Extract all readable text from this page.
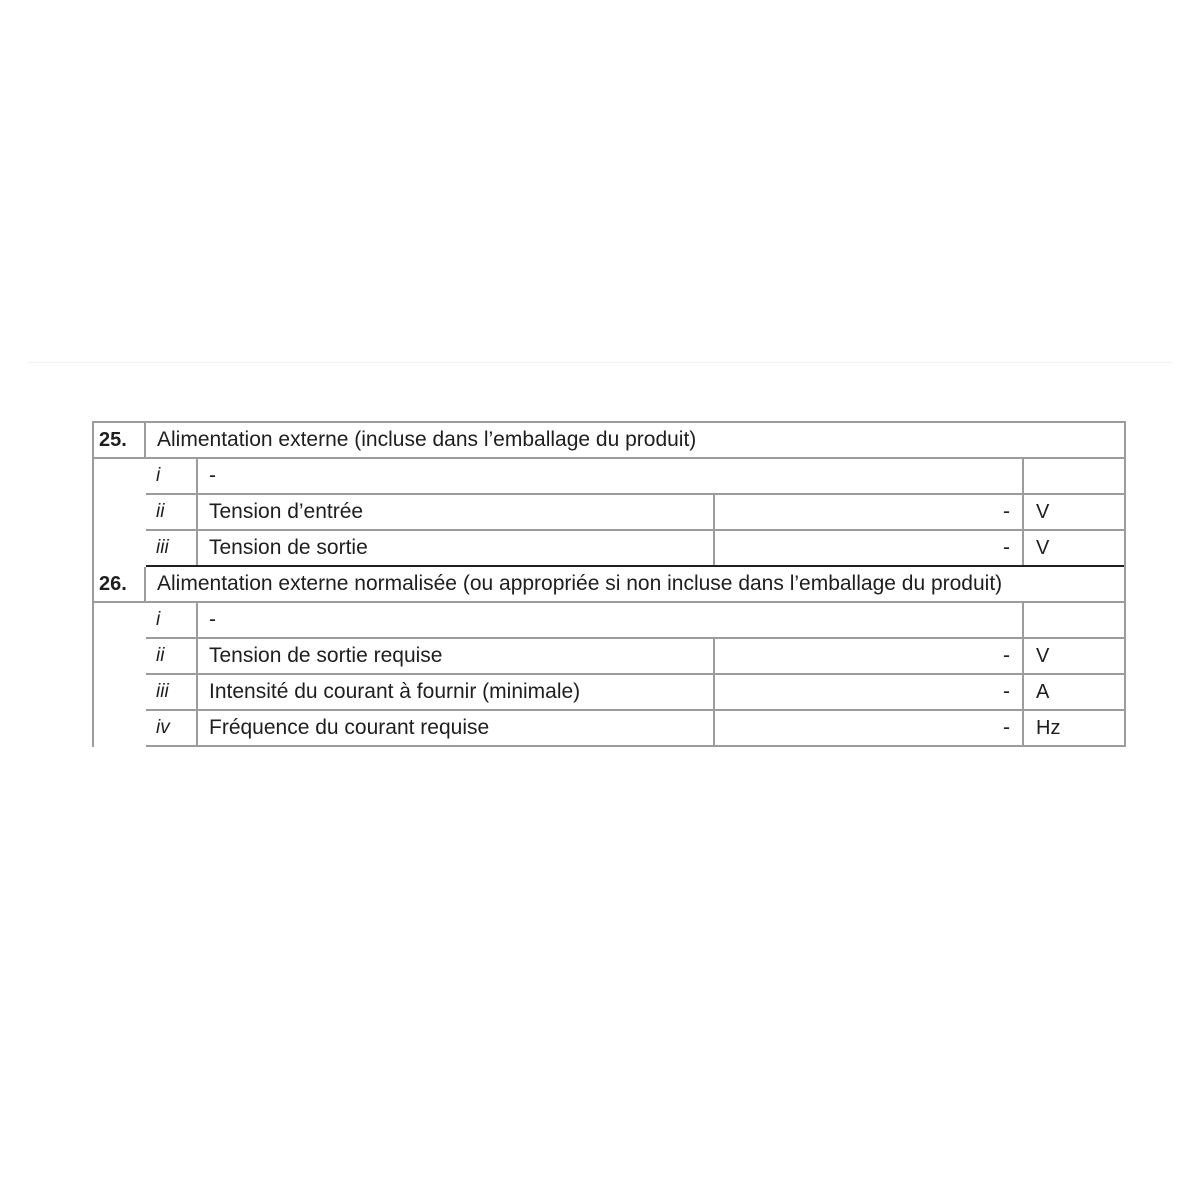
25.	Alimentation externe (incluse dans l’emballage du produit)
i	-
ii	Tension d’entrée	-	V
iii	Tension de sortie	-	V
26.	Alimentation externe normalisée (ou appropriée si non incluse dans l’emballage du produit)
i	-
ii	Tension de sortie requise	-	V
iii	Intensité du courant à fournir (minimale)	-	A
iv	Fréquence du courant requise	-	Hz
